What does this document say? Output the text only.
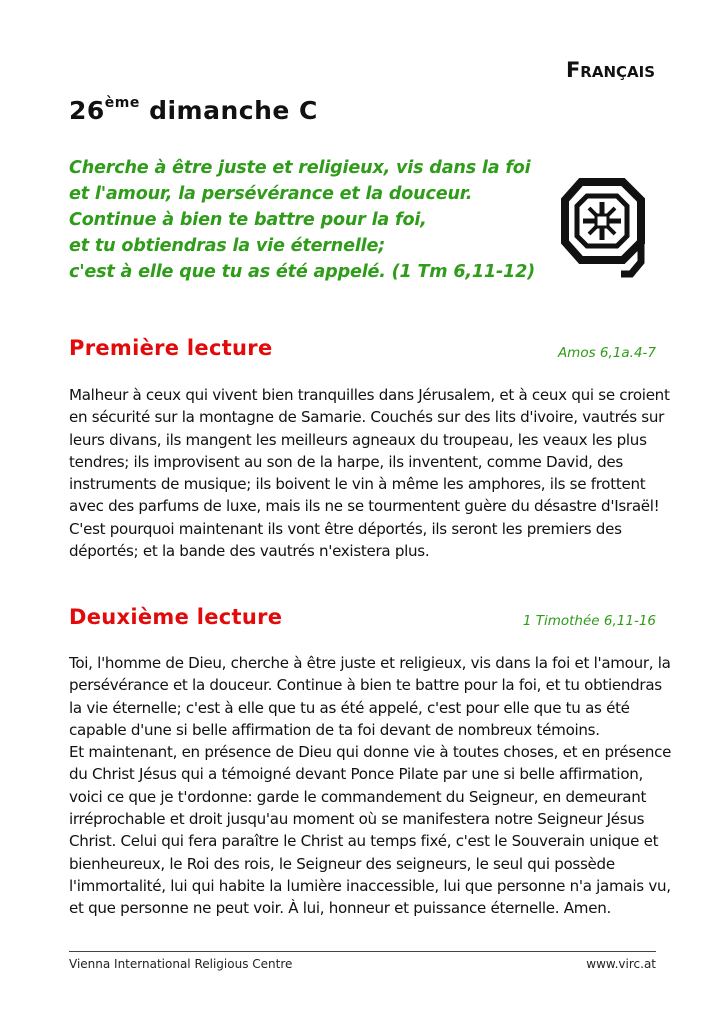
Français
26ème dimanche C
Cherche à être juste et religieux, vis dans la foi
et l'amour, la persévérance et la douceur.
Continue à bien te battre pour la foi,
et tu obtiendras la vie éternelle;
c'est à elle que tu as été appelé. (1 Tm 6,11-12)
Première lecture	Amos 6,1a.4-7
Malheur à ceux qui vivent bien tranquilles dans Jérusalem, et à ceux qui se croient
en sécurité sur la montagne de Samarie. Couchés sur des lits d'ivoire, vautrés sur
leurs divans, ils mangent les meilleurs agneaux du troupeau, les veaux les plus
tendres; ils improvisent au son de la harpe, ils inventent, comme David, des
instruments de musique; ils boivent le vin à même les amphores, ils se frottent
avec des parfums de luxe, mais ils ne se tourmentent guère du désastre d'Israël!
C'est pourquoi maintenant ils vont être déportés, ils seront les premiers des
déportés; et la bande des vautrés n'existera plus.
Deuxième lecture	1 Timothée 6,11-16
Toi, l'homme de Dieu, cherche à être juste et religieux, vis dans la foi et l'amour, la
persévérance et la douceur. Continue à bien te battre pour la foi, et tu obtiendras
la vie éternelle; c'est à elle que tu as été appelé, c'est pour elle que tu as été
capable d'une si belle affirmation de ta foi devant de nombreux témoins.
Et maintenant, en présence de Dieu qui donne vie à toutes choses, et en présence
du Christ Jésus qui a témoigné devant Ponce Pilate par une si belle affirmation,
voici ce que je t'ordonne: garde le commandement du Seigneur, en demeurant
irréprochable et droit jusqu'au moment où se manifestera notre Seigneur Jésus
Christ. Celui qui fera paraître le Christ au temps fixé, c'est le Souverain unique et
bienheureux, le Roi des rois, le Seigneur des seigneurs, le seul qui possède
l'immortalité, lui qui habite la lumière inaccessible, lui que personne n'a jamais vu,
et que personne ne peut voir. À lui, honneur et puissance éternelle. Amen.
Vienna International Religious Centre	www.virc.at
